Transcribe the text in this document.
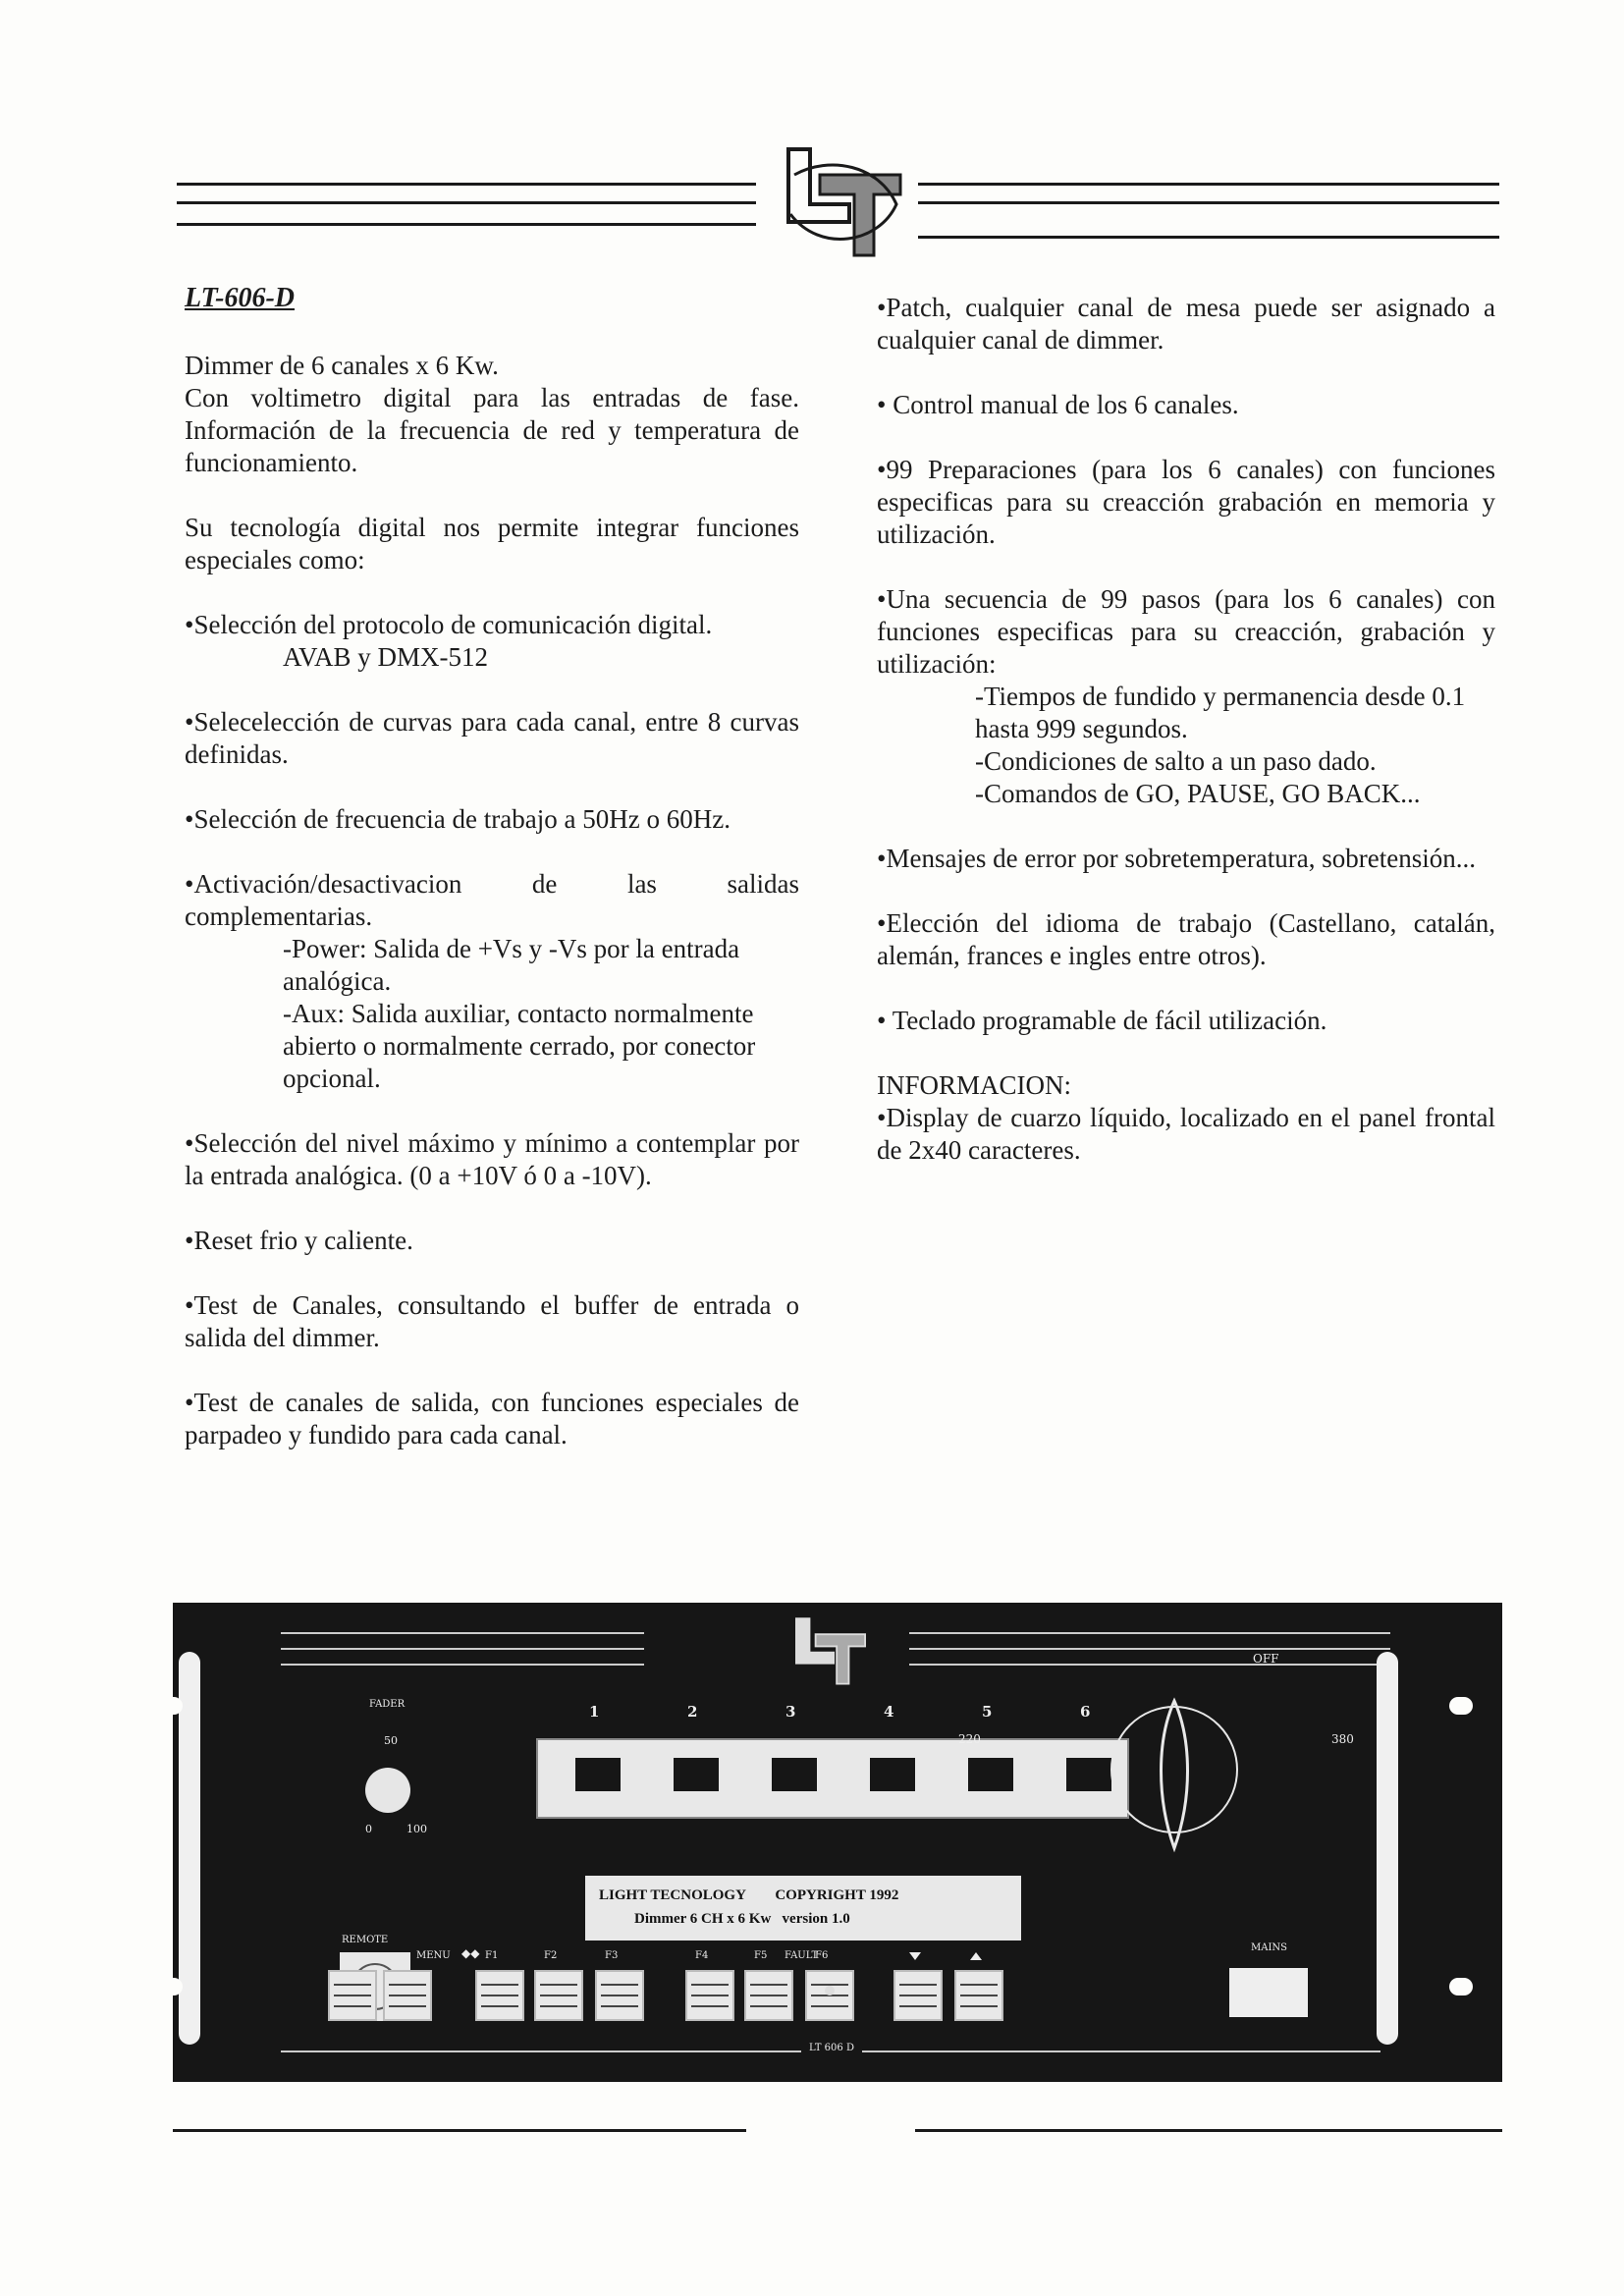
LT-606-D

Dimmer de 6 canales x 6 Kw.
Con voltimetro digital para las entradas de fase. Información de la frecuencia de red y temperatura de funcionamiento.

Su tecnología digital nos permite integrar funciones especiales como:

•Selección del protocolo de comunicación digital.
AVAB y DMX-512

•Selecelección de curvas para cada canal, entre 8 curvas definidas.

•Selección de frecuencia de trabajo a 50Hz o 60Hz.

•Activación/desactivacion de las salidas complementarias.
-Power: Salida de +Vs y -Vs por la entrada analógica.
-Aux: Salida auxiliar, contacto normalmente abierto o normalmente cerrado, por conector opcional.

•Selección del nivel máximo y mínimo a contemplar por la entrada analógica. (0 a +10V ó 0 a -10V).

•Reset frio y caliente.

•Test de Canales, consultando el buffer de entrada o salida del dimmer.

•Test de canales de salida, con funciones especiales de parpadeo y fundido para cada canal.

•Patch, cualquier canal de mesa puede ser asignado a cualquier canal de dimmer.

• Control manual de los 6 canales.

•99 Preparaciones (para los 6 canales) con funciones especificas para su creacción grabación en memoria y utilización.

•Una secuencia de 99 pasos (para los 6 canales) con funciones especificas para su creacción, grabación y utilización:
-Tiempos de fundido y permanencia desde 0.1 hasta 999 segundos.
-Condiciones de salto a un paso dado.
-Comandos de GO, PAUSE, GO BACK...

•Mensajes de error por sobretemperatura, sobretensión...

•Elección del idioma de trabajo (Castellano, catalán, alemán, frances e ingles entre otros).

• Teclado programable de fácil utilización.

INFORMACION:

•Display de cuarzo líquido, localizado en el panel frontal de 2x40 caracteres.

FADER
50
0	100
1	2	3	4	5	6
OFF
220	380
LIGHT TECNOLOGY        COPYRIGHT 1992
Dimmer 6 CH x 6 Kw   version 1.0
REMOTE
MENU ◆◆ F1	F2	F3	F4	F5	F6
FAULT
MAINS
LT 606 D
